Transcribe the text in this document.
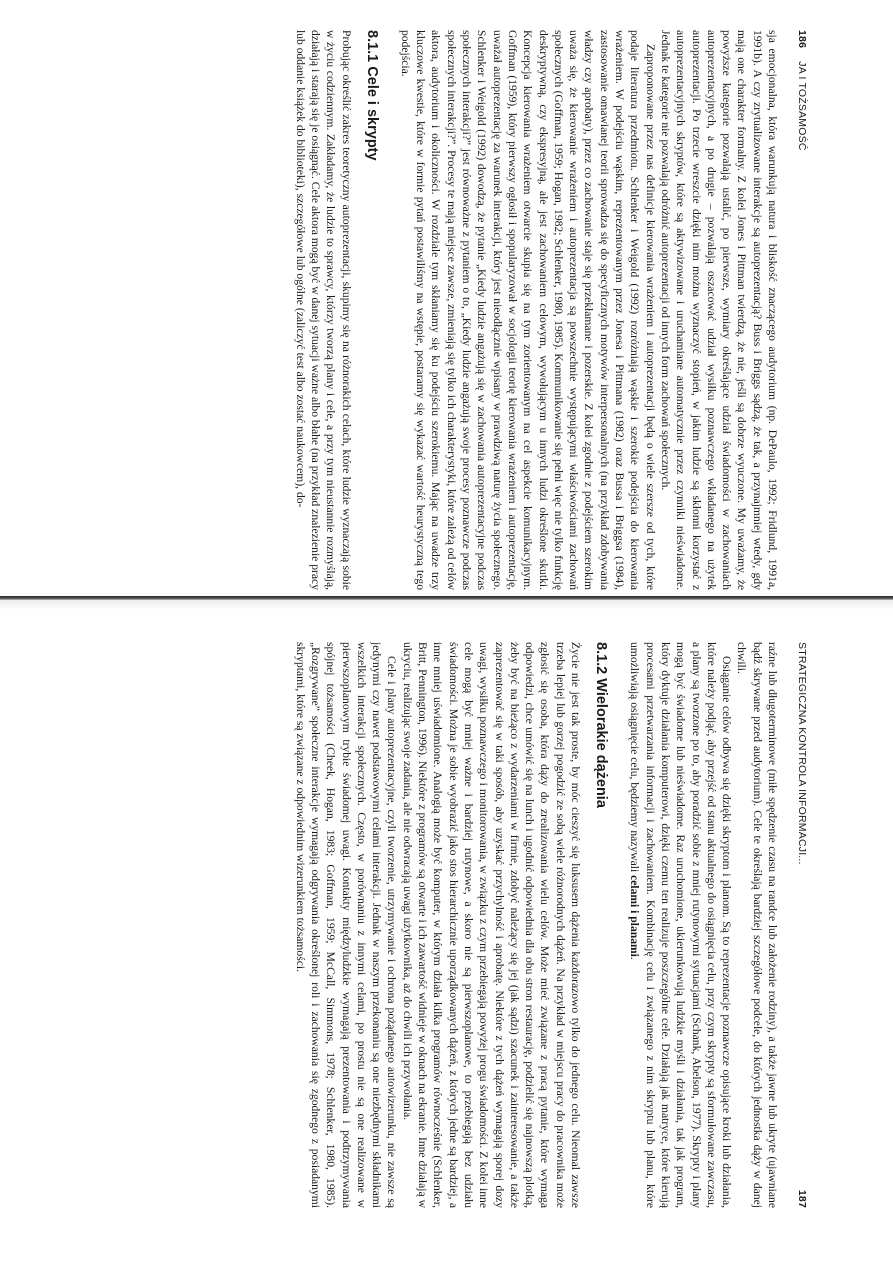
186 JA I TOŻSAMOŚĆ

sja emocjonalna, która warunkują natura i bliskość znaczącego audytorium (np. DePaulo, 1992; Fridlund, 1991a, 1991b). A czy zrytualizowane interakcje są autoprezentacją? Buss i Briggs sądzą, że tak, a przynajmniej wtedy, gdy mają one charakter formalny. Z kolei Jones i Pittman twierdzą, że nie, jeśli są dobrze wyuczone. My uważamy, że powyższe kategorie pozwalają ustalić, po pierwsze, wymiary określające udział świadomości w zachowaniach autoprezentacyjnych, a po drugie – pozwalają oszacować udział wysiłku poznawczego wkładanego na użytek autoprezentacji. Po trzecie wreszcie dzięki nim można wyznaczyć stopień, w jakim ludzie są skłonni korzystać z autoprezentacyjnych skryptów, które są aktywizowane i uruchamiane automatycznie przez czynniki nieświadome. Jednak te kategorie nie pozwalają odróżnić autoprezentacji od innych form zachowań społecznych.

Zaproponowane przez nas definicje kierowania wrażeniem i autoprezentacji będą o wiele szersze od tych, które podaje literatura przedmiotu. Schlenker i Weigold (1992) rozróżniają wąskie i szerokie podejścia do kierowania wrażeniem. W podejściu wąskim, reprezentowanym przez Jonesa i Pittmana (1982) oraz Bussa i Briggsa (1984), zastosowanie omawianej teorii sprowadza się do specyficznych motywów interpersonalnych (na przykład zdobywania władzy czy aprobaty), przez co zachowanie staje się przekłamane i pozerskie. Z kolei zgodnie z podejściem szerokim uważa się, że kierowanie wrażeniem i autoprezentacja są powszechnie występującymi właściwościami zachowań społecznych (Goffman, 1959; Hogan, 1982; Schlenker, 1980, 1985). Kommunikowanie się pełni więc nie tylko funkcję deskryptywną, czy ekspresyjną, ale jest zachowaniem celowym, wywołującym u innych ludzi określone skutki. Koncepcja kierowania wrażeniem otwarcie skupia się na tym zorientowanym na cel aspekcie komunikacyjnym. Goffman (1959), który pierwszy ogłosił i spopularyzował w socjologii teorię kierowania wrażeniem i autoprezentację, uważał autoprezentację za warunek interakcji, który jest nieodłącznie wpisany w prawdziwą naturę życia społecznego. Schlenker i Weigold (1992) dowodzą, że pytanie „Kiedy ludzie angażują się w zachowania autoprezentacyjne podczas społecznych interakcji?” jest równoważne z pytaniem o to, „Kiedy ludzie angażują swoje procesy poznawcze podczas społecznych interakcji?”. Procesy te mają miejsce zawsze, zmieniają się tylko ich charakterystyki, które zależą od celów aktora, audytorium i okoliczności. W rozdziale tym skłaniamy się ku podejściu szerokiemu. Mając na uwadze trzy kluczowe kwestie, które w formie pytań postawiliśmy na wstępie, postaramy się wykazać wartość heurystyczną tego podejścia.

8.1.1 Cele i skrypty

Probując określić zakres teoretyczny autoprezentacji, skupimy się na różnorakich celach, które ludzie wyznaczają sobie w życiu codziennym. Zakładamy, że ludzie to sprawcy, którzy tworzą plany i cele, a przy tym nieustannie rozmyślają, działają i starają się je osiągnąć. Cele aktora mogą być w danej sytuacji ważne albo błahe (na przykład znalezienie pracy lub oddanie książek do biblioteki), szczegółowe lub ogólne (zaliczyć test albo zostać naukowcem), do-

STRATEGICZNA KONTROLA INFORMACJI...
187

raźne lub długoterminowe (miłe spędzenie czasu na randce lub założenie rodziny), a także jawne lub ukryte (ujawniane bądź skrywane przed audytorium). Cele te określają bardziej szczegółowe podcele, do których jednostka dąży w danej chwili.

Osiąganie celów odbywa się dzięki skryptom i planom. Są to reprezentacje poznawcze opisujące kroki lub działania, które należy podjąć, aby przejść od stanu aktualnego do osiągnięcia celu, przy czym skrypty są sformułowane zawczasu, a plany są tworzone po to, aby poradzić sobie z mniej rutynowymi sytuacjami (Schank, Abelson, 1977). Skrypty i plany mogą być świadome lub nieświadome. Raz uruchomione, ukierunkowują ludzkie myśli i działania, tak jak program, który dyktuje działania komputerowi, dzięki czemu ten realizuje poszczególne cele. Działają jak matryce, które kierują procesami przetwarzania informacji i zachowaniem. Kombinację celu i związanego z nim skryptu lub planu, które umożliwiają osiągnięcie celu, będziemy nazywali celami i planami.

8.1.2 Wielorakie dążenia

Życie nie jest tak proste, by móc cieszyć się luksusem dążenia każdorazowo tylko do jednego celu. Nieomal zawsze trzeba lepiej lub gorzej pogodzić ze sobą wiele różnorodnych dążeń. Na przykład w miejscu pracy do pracownika może zgłosić się osoba, która dąży do zrealizowania wielu celów. Może mieć związane z pracą pytanie, które wymaga odpowiedzi, chce umówić się na lunch i ugodnić odpowiednia dla obu stron restaurację, podzielić się najnowszą plotką, żeby być na bieżąco z wydarzeniami w firmie, zdobyć należący się jej (jak sądzi) szacunek i zainteresowanie, a także zaprezentować się w taki sposób, aby uzyskać przychylność i aprobatę. Niektóre z tych dążeń wymagają sporej dozy uwagi, wysiłku poznawczego i monitorowania, w związku z czym przebiegają powyżej progu świadomości. Z kolei inne cele mogą być mniej ważne i bardziej rutynowe, a skoro nie są pierwszoplanowe, to przebiegają bez udziału świadomości. Można je sobie wyobrazić jako stos hierarchicznie uporządkowanych dążeń, z których jedne są bardziej, a inne mniej uświadomione. Analogią może być komputer, w którym działa kilka programów równocześnie (Schlenker, Britt, Pennington, 1996). Niektóre z programów są otwarte i ich zawartość widnieje w oknach na ekranie. Inne działają w ukryciu, realizując swoje zadania, ale nie odwracają uwagi użytkownika, aż do chwili ich przywołania.

Cele i plany autoprezentacyjne, czyli tworzenie, utrzymywanie i ochrona pożądanego autowizerunku, nie zawsze są jedynymi czy nawet podstawowymi celami interakcji. Jednak w naszym przekonaniu są one niezbędnymi składnikami wszelkich interakcji społecznych. Często, w porównaniu z innymi celami, po prostu nie są one realizowane w pierwszoplanowym trybie świadomej uwagi. Kontakty międzyludzkie wymagają prezentowania i podtrzymywania spójnej tożsamości (Cheek, Hogan, 1983; Goffman, 1959; McCall, Simmons, 1978; Schlenker, 1980, 1985). „Rozgrywane” społeczne interakcje wymagają odgrywania określonej roli i zachowania się zgodnego z posiadanymi skryptami, które są związane z odpowiednim wizerunkiem tożsamości.
